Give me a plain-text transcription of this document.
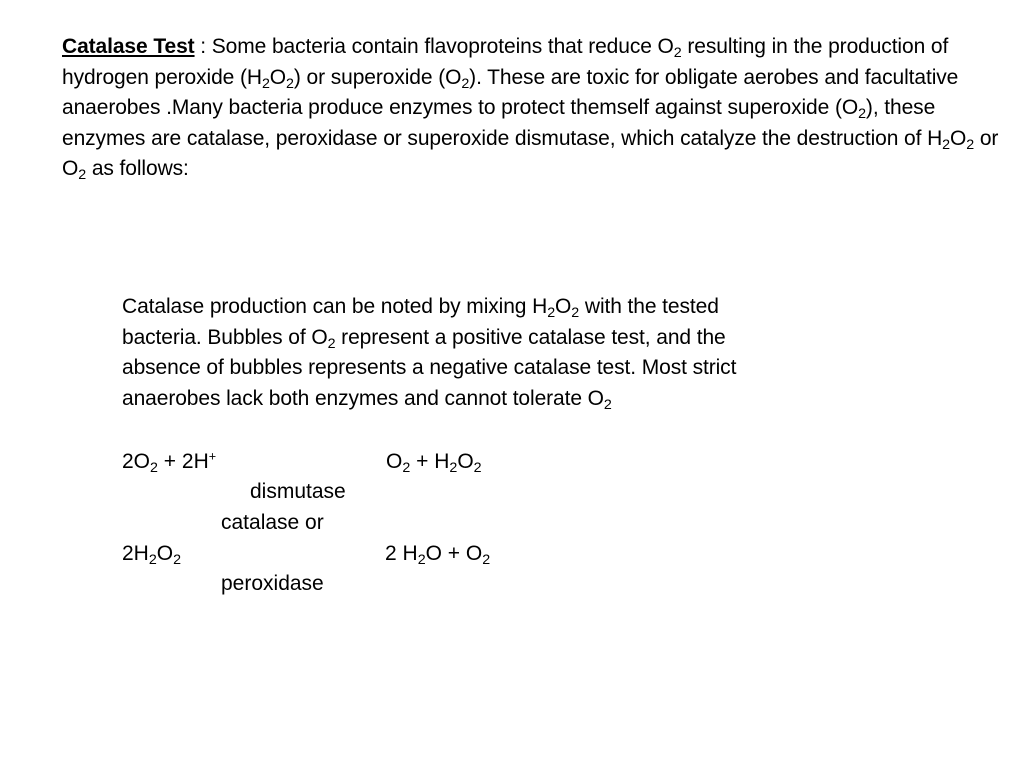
Catalase Test : Some bacteria contain flavoproteins that reduce $O_2$ resulting in the production of hydrogen peroxide $(H_2O_2)$ or superoxide $(O_2)$. These are toxic for obligate aerobes and facultative anaerobes .Many bacteria produce enzymes to protect themself against superoxide $(O_2)$, these enzymes are catalase, peroxidase or superoxide dismutase, which catalyze the destruction of $H_2O_2$ or $O_2$ as follows:
Catalase production can be noted by mixing $H_2O_2$ with the tested bacteria. Bubbles of $O_2$ represent a positive catalase test, and the absence of bubbles represents a negative catalase test. Most strict anaerobes lack both enzymes and cannot tolerate $O_2$
$2O_2 + 2H^+$	$O_2 + H_2O_2$
dismutase
catalase or
$2H_2O_2$	2 $H_2O + O_2$
peroxidase
